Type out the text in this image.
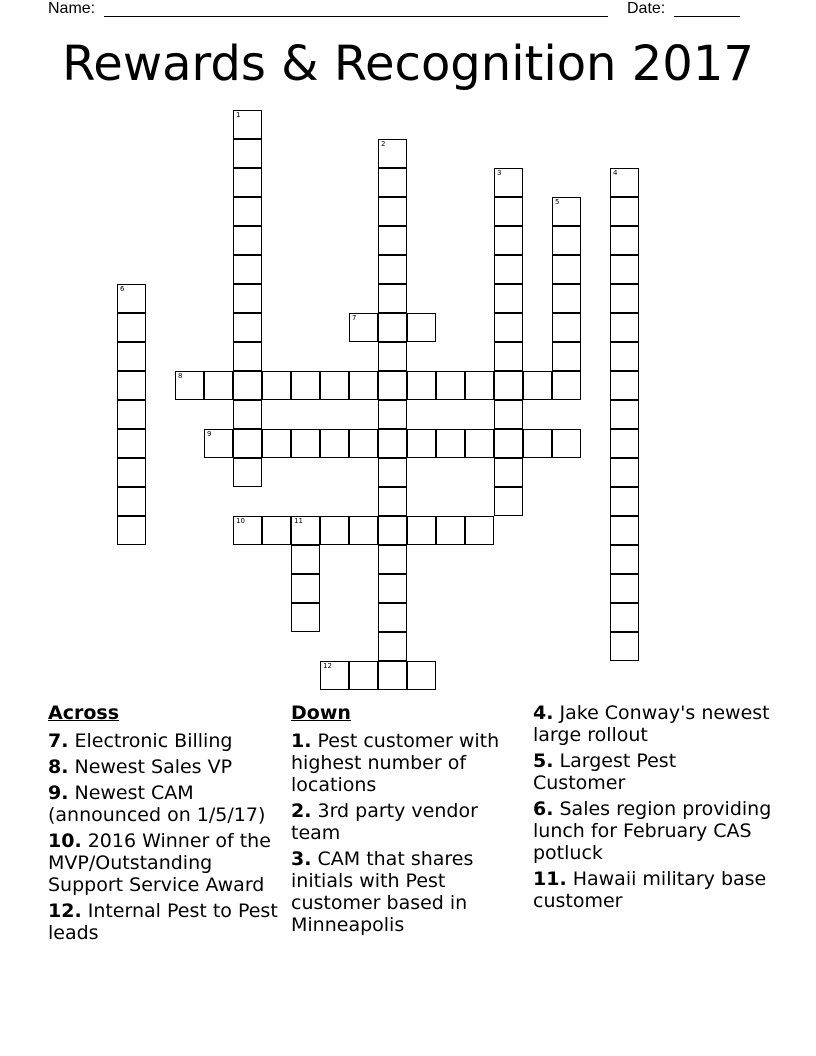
Name:	Date:
Rewards & Recognition 2017
1
2
3	4
5
6
7
8
9
10	11
12
Across
7. Electronic Billing
8. Newest Sales VP
9. Newest CAM (announced on 1/5/17)
10. 2016 Winner of the MVP/Outstanding Support Service Award
12. Internal Pest to Pest leads
Down
1. Pest customer with highest number of locations
2. 3rd party vendor team
3. CAM that shares initials with Pest customer based in Minneapolis
4. Jake Conway's newest large rollout
5. Largest Pest Customer
6. Sales region providing lunch for February CAS potluck
11. Hawaii military base customer
